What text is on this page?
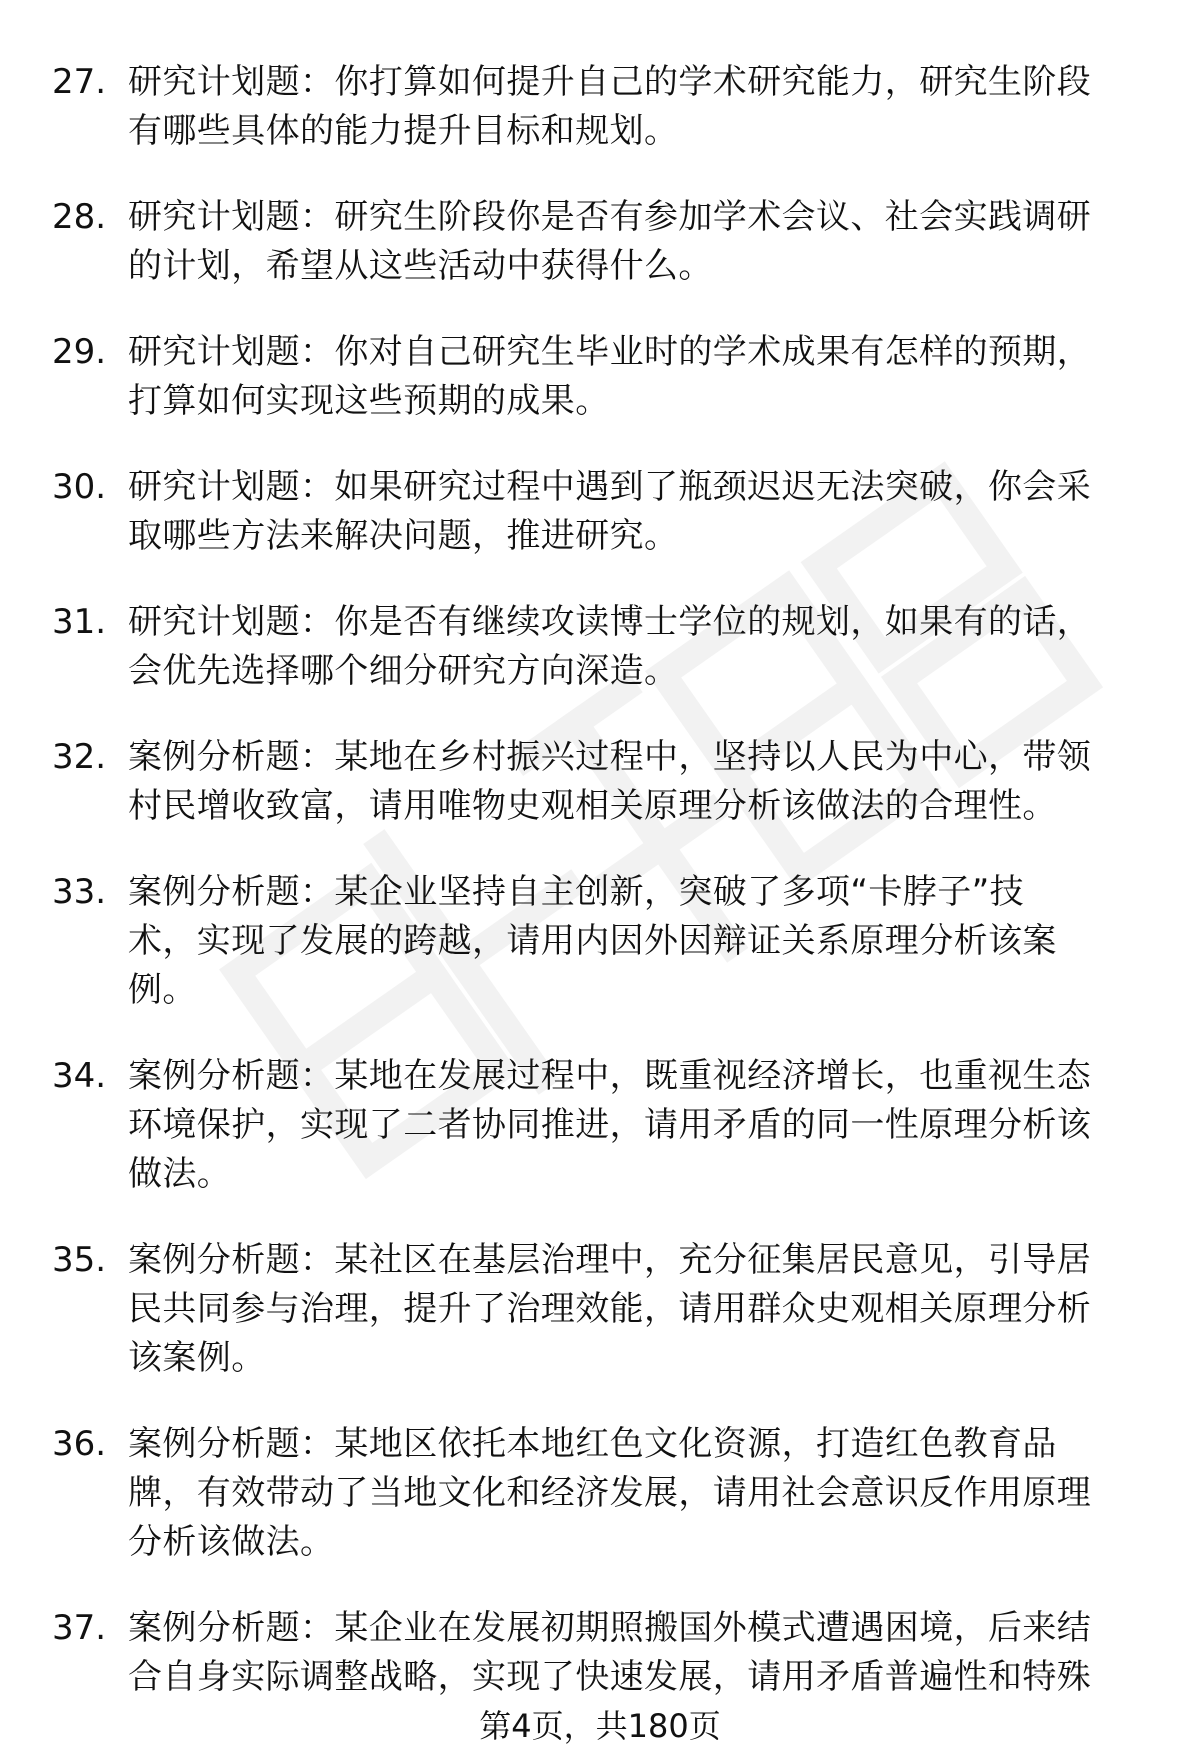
27. 研究计划题：你打算如何提升自己的学术研究能力，研究生阶段
有哪些具体的能力提升目标和规划。
28. 研究计划题：研究生阶段你是否有参加学术会议、社会实践调研
的计划，希望从这些活动中获得什么。
29. 研究计划题：你对自己研究生毕业时的学术成果有怎样的预期，
打算如何实现这些预期的成果。
30. 研究计划题：如果研究过程中遇到了瓶颈迟迟无法突破，你会采
取哪些方法来解决问题，推进研究。
31. 研究计划题：你是否有继续攻读博士学位的规划，如果有的话，
会优先选择哪个细分研究方向深造。
32. 案例分析题：某地在乡村振兴过程中，坚持以人民为中心，带领
村民增收致富，请用唯物史观相关原理分析该做法的合理性。
33. 案例分析题：某企业坚持自主创新，突破了多项“卡脖子”技
术，实现了发展的跨越，请用内因外因辩证关系原理分析该案
例。
34. 案例分析题：某地在发展过程中，既重视经济增长，也重视生态
环境保护，实现了二者协同推进，请用矛盾的同一性原理分析该
做法。
35. 案例分析题：某社区在基层治理中，充分征集居民意见，引导居
民共同参与治理，提升了治理效能，请用群众史观相关原理分析
该案例。
36. 案例分析题：某地区依托本地红色文化资源，打造红色教育品
牌，有效带动了当地文化和经济发展，请用社会意识反作用原理
分析该做法。
37. 案例分析题：某企业在发展初期照搬国外模式遭遇困境，后来结
合自身实际调整战略，实现了快速发展，请用矛盾普遍性和特殊
第4页，共180页
